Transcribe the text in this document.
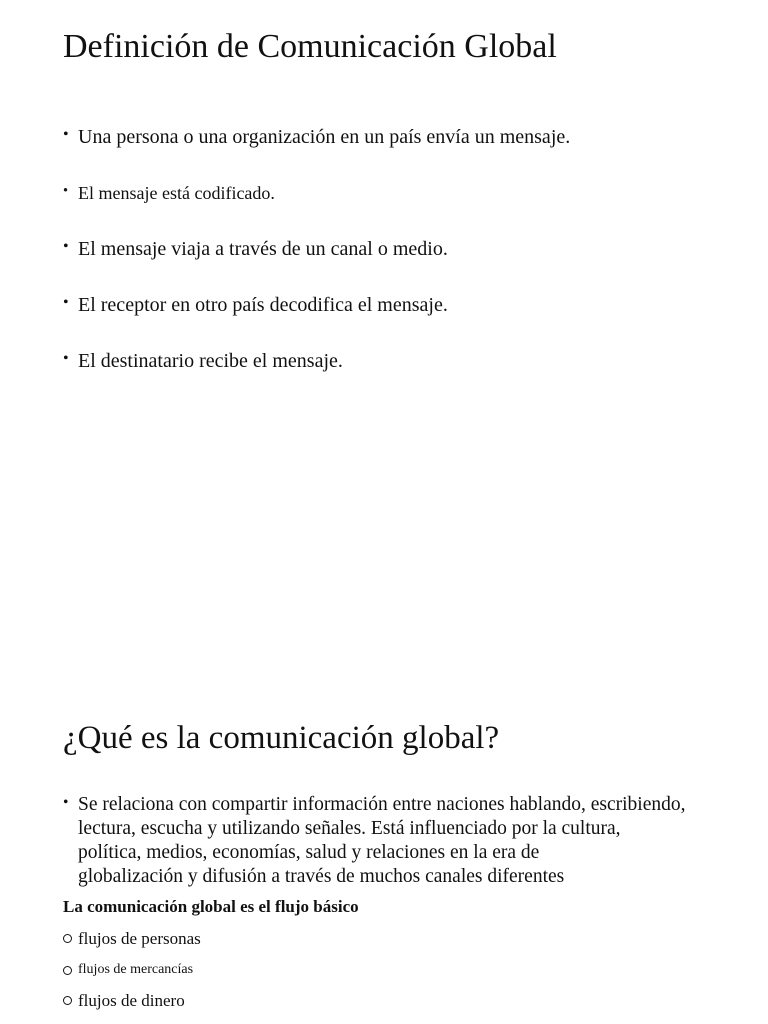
Definición de Comunicación Global
• Una persona o una organización en un país envía un mensaje.
• El mensaje está codificado.
• El mensaje viaja a través de un canal o medio.
• El receptor en otro país decodifica el mensaje.
• El destinatario recibe el mensaje.
¿Qué es la comunicación global?
• Se relaciona con compartir información entre naciones hablando, escribiendo,
lectura, escucha y utilizando señales. Está influenciado por la cultura,
política, medios, economías, salud y relaciones en la era de
globalización y difusión a través de muchos canales diferentes

La comunicación global es el flujo básico

flujos de personas
flujos de mercancías
flujos de dinero
